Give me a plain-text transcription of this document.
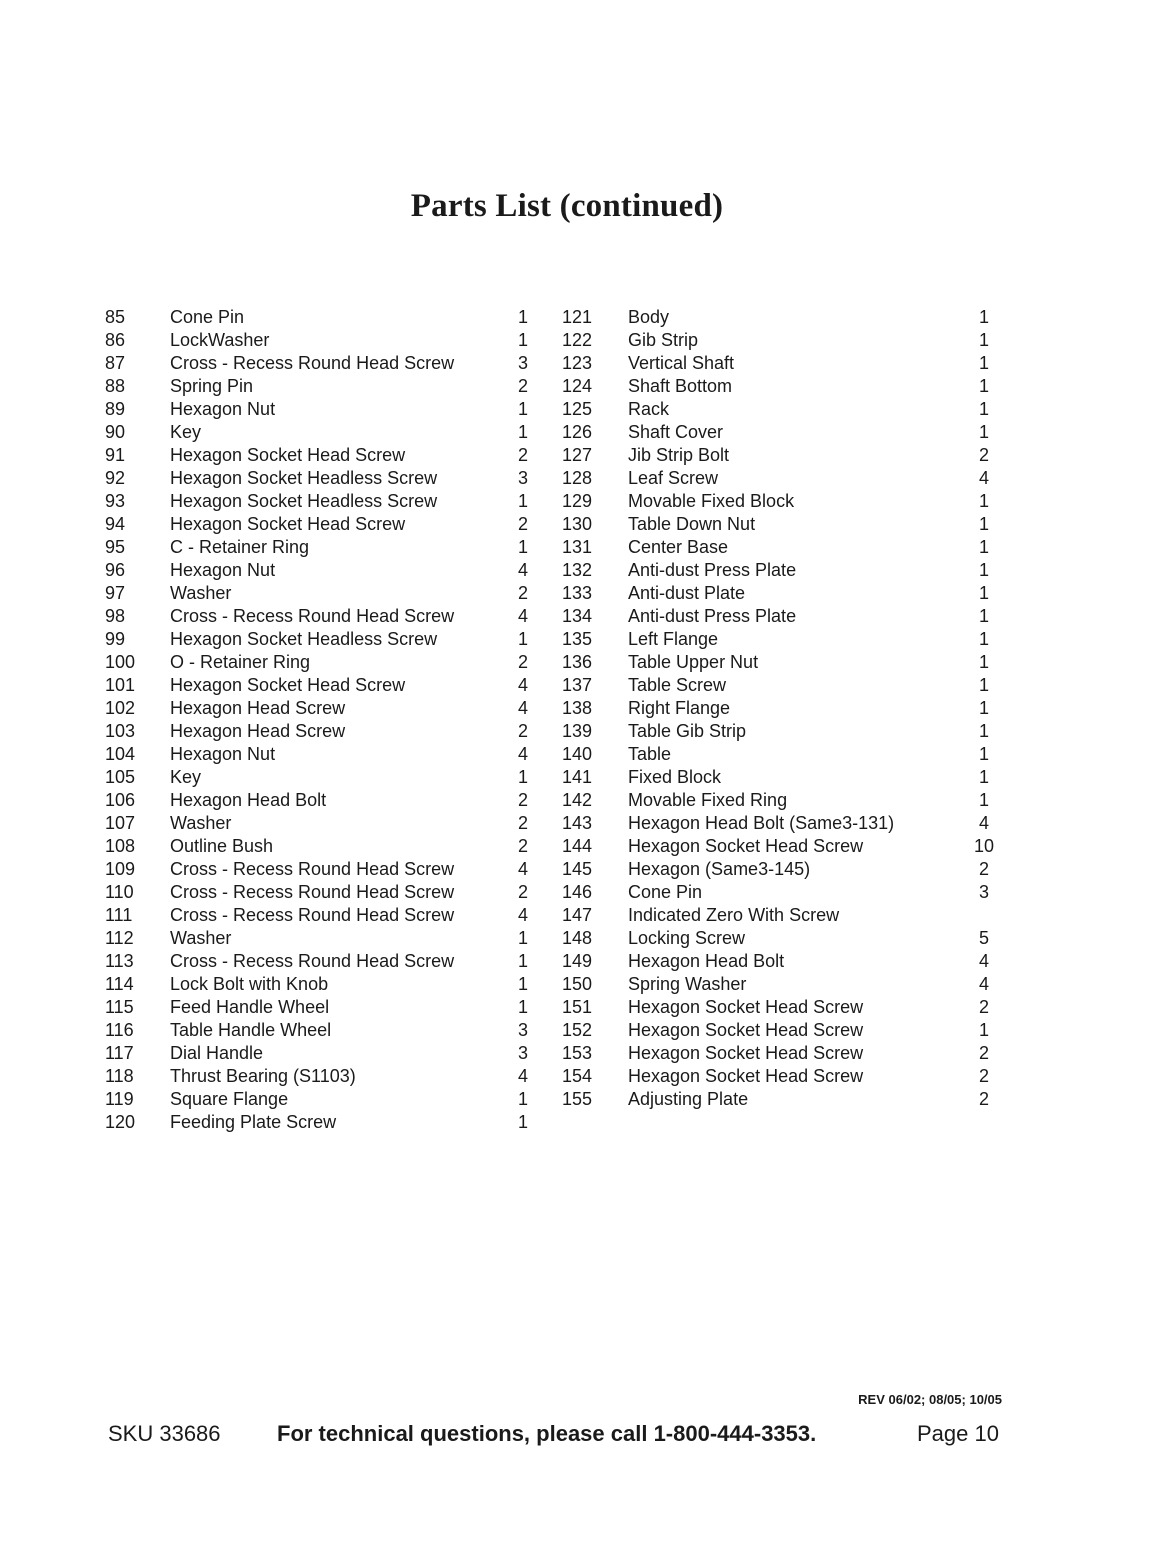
Parts List (continued)
85 Cone Pin	1
86 LockWasher	1
87 Cross - Recess Round Head Screw	3
88 Spring Pin	2
89 Hexagon Nut	1
90 Key	1
91 Hexagon Socket Head Screw	2
92 Hexagon Socket Headless Screw	3
93 Hexagon Socket Headless Screw	1
94 Hexagon Socket Head Screw	2
95 C - Retainer Ring	1
96 Hexagon Nut	4
97 Washer	2
98 Cross - Recess Round Head Screw	4
99 Hexagon Socket Headless Screw	1
100 O - Retainer Ring	2
101 Hexagon Socket Head Screw	4
102 Hexagon Head Screw	4
103 Hexagon Head Screw	2
104 Hexagon Nut	4
105 Key	1
106 Hexagon Head Bolt	2
107 Washer	2
108 Outline Bush	2
109 Cross - Recess Round Head Screw	4
110 Cross - Recess Round Head Screw	2
111 Cross - Recess Round Head Screw	4
112 Washer	1
113 Cross - Recess Round Head Screw	1
114 Lock Bolt with Knob	1
115 Feed Handle Wheel	1
116 Table Handle Wheel	3
117 Dial Handle	3
118 Thrust Bearing (S1103)	4
119 Square Flange	1
120 Feeding Plate Screw	1
121 Body	1
122 Gib Strip	1
123 Vertical Shaft	1
124 Shaft Bottom	1
125 Rack	1
126 Shaft Cover	1
127 Jib Strip Bolt	2
128 Leaf Screw	4
129 Movable Fixed Block	1
130 Table Down Nut	1
131 Center Base	1
132 Anti-dust Press Plate	1
133 Anti-dust Plate	1
134 Anti-dust Press Plate	1
135 Left Flange	1
136 Table Upper Nut	1
137 Table Screw	1
138 Right Flange	1
139 Table Gib Strip	1
140 Table	1
141 Fixed Block	1
142 Movable Fixed Ring	1
143 Hexagon Head Bolt (Same3-131)	4
144 Hexagon Socket Head Screw	10
145 Hexagon (Same3-145)	2
146 Cone Pin	3
147 Indicated Zero With Screw
148 Locking Screw	5
149 Hexagon Head Bolt	4
150 Spring Washer	4
151 Hexagon Socket Head Screw	2
152 Hexagon Socket Head Screw	1
153 Hexagon Socket Head Screw	2
154 Hexagon Socket Head Screw	2
155 Adjusting Plate	2
REV 06/02; 08/05; 10/05
SKU 33686	For technical questions, please call 1-800-444-3353.	Page 10
